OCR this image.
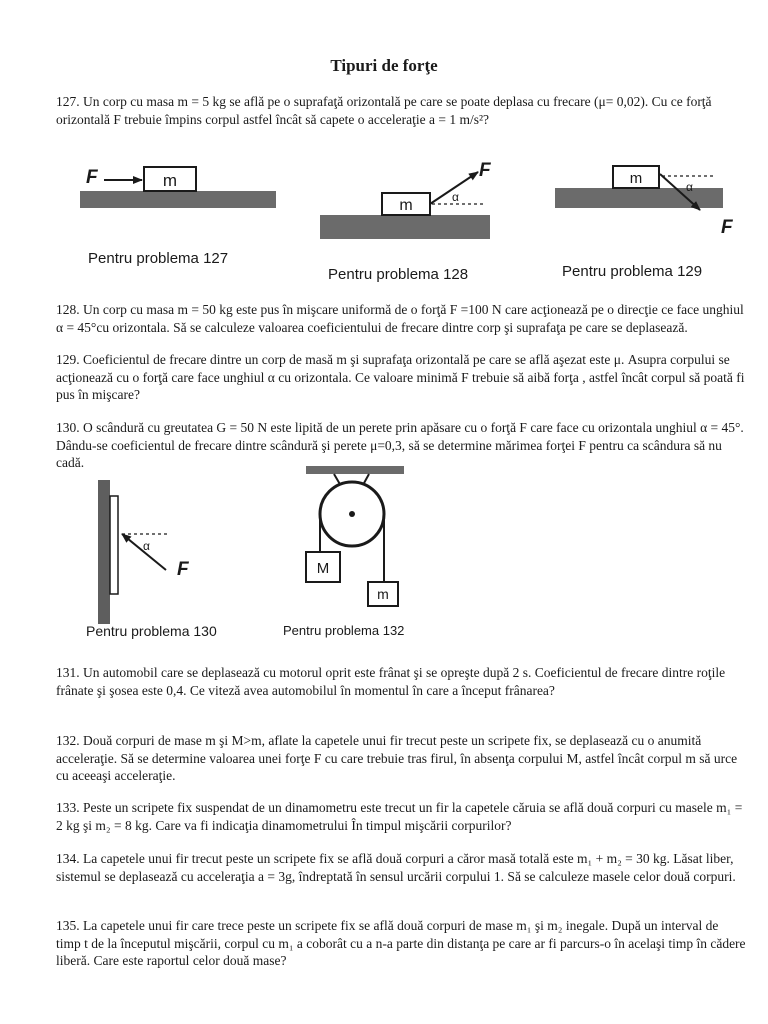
Tipuri de forţe

127. Un corp cu masa m = 5 kg se află pe o suprafaţă orizontală pe care se poate deplasa cu frecare (μ= 0,02). Cu ce forţă orizontală F trebuie împins corpul astfel încât să capete o acceleraţie a = 1 m/s²?

m
F
Pentru problema 127
m	α
F
Pentru problema 128
m	α
F
Pentru problema 129
α
F
Pentru problema 130
M
m
Pentru problema 132

128. Un corp cu masa m = 50 kg este pus în mişcare uniformă de o forţă F =100 N care acţionează pe o direcţie ce face unghiul α = 45°cu orizontala. Să se calculeze valoarea coeficientului de frecare dintre corp şi suprafaţa pe care se deplasează.

129. Coeficientul de frecare dintre un corp de masă m şi suprafaţa orizontală pe care se află aşezat este μ. Asupra corpului se acţionează cu o forţă care face unghiul α cu orizontala. Ce valoare minimă F trebuie să aibă forţa , astfel încât corpul să poată fi pus în mişcare?

130. O scândură cu greutatea G = 50 N este lipită de un perete prin apăsare cu o forţă F care face cu orizontala unghiul α = 45°. Dându-se coeficientul de frecare dintre scândură şi perete μ=0,3, să se determine mărimea forţei F pentru ca scândura să nu cadă.

131. Un automobil care se deplasează cu motorul oprit este frânat şi se opreşte după 2 s. Coeficientul de frecare dintre roţile frânate şi şosea este 0,4. Ce viteză avea automobilul în momentul în care a început frânarea?

132. Două corpuri de mase m şi M>m, aflate la capetele unui fir trecut peste un scripete fix, se deplasează cu o anumită acceleraţie. Să se determine valoarea unei forţe F cu care trebuie tras firul, în absenţa corpului M, astfel încât corpul m să urce cu aceeaşi acceleraţie.

133. Peste un scripete fix suspendat de un dinamometru este trecut un fir la capetele căruia se află două corpuri cu masele m₁ = 2 kg şi m₂ = 8 kg. Care va fi indicaţia dinamometrului În timpul mişcării corpurilor?

134. La capetele unui fir trecut peste un scripete fix se află două corpuri a căror masă totală este m₁ + m₂ = 30 kg. Lăsat liber, sistemul se deplasează cu acceleraţia a = 3g, îndreptată în sensul urcării corpului 1. Să se calculeze masele celor două corpuri.

135. La capetele unui fir care trece peste un scripete fix se află două corpuri de mase m₁ şi m₂ inegale. După un interval de timp t de la începutul mişcării, corpul cu m₁ a coborât cu a n-a parte din distanţa pe care ar fi parcurs-o în acelaşi timp în cădere liberă. Care este raportul celor două mase?
